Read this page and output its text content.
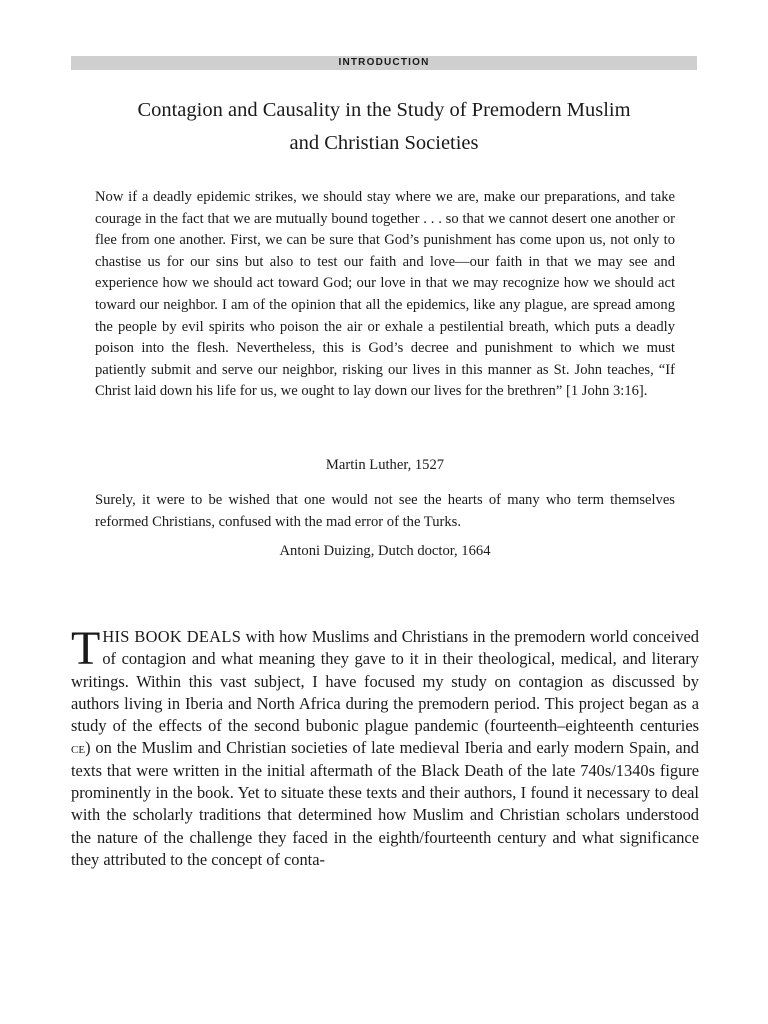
INTRODUCTION
Contagion and Causality in the Study of Premodern Muslim
and Christian Societies

Now if a deadly epidemic strikes, we should stay where we are, make our preparations, and take courage in the fact that we are mutually bound together . . . so that we cannot desert one another or flee from one another. First, we can be sure that God’s punishment has come upon us, not only to chastise us for our sins but also to test our faith and love—our faith in that we may see and experience how we should act toward God; our love in that we may recognize how we should act toward our neighbor. I am of the opinion that all the epidemics, like any plague, are spread among the people by evil spirits who poison the air or exhale a pestilential breath, which puts a deadly poison into the flesh. Nevertheless, this is God’s decree and punishment to which we must patiently submit and serve our neighbor, risking our lives in this manner as St. John teaches, “If Christ laid down his life for us, we ought to lay down our lives for the brethren” [1 John 3:16].

Martin Luther, 1527

Surely, it were to be wished that one would not see the hearts of many who term themselves reformed Christians, confused with the mad error of the Turks.

Antoni Duizing, Dutch doctor, 1664
T HIS BOOK DEALS with how Muslims and Christians in the premodern world conceived of contagion and what meaning they gave to it in their theological, medical, and literary writings. Within this vast subject, I have focused my study on contagion as discussed by authors living in Iberia and North Africa during the premodern period. This project began as a study of the effects of the second bubonic plague pandemic (fourteenth–eighteenth centuries ce) on the Muslim and Christian societies of late medieval Iberia and early modern Spain, and texts that were written in the initial aftermath of the Black Death of the late 740s/1340s figure prominently in the book. Yet to situate these texts and their authors, I found it necessary to deal with the scholarly traditions that determined how Muslim and Christian scholars understood the nature of the challenge they faced in the eighth/fourteenth century and what significance they attributed to the concept of conta-
